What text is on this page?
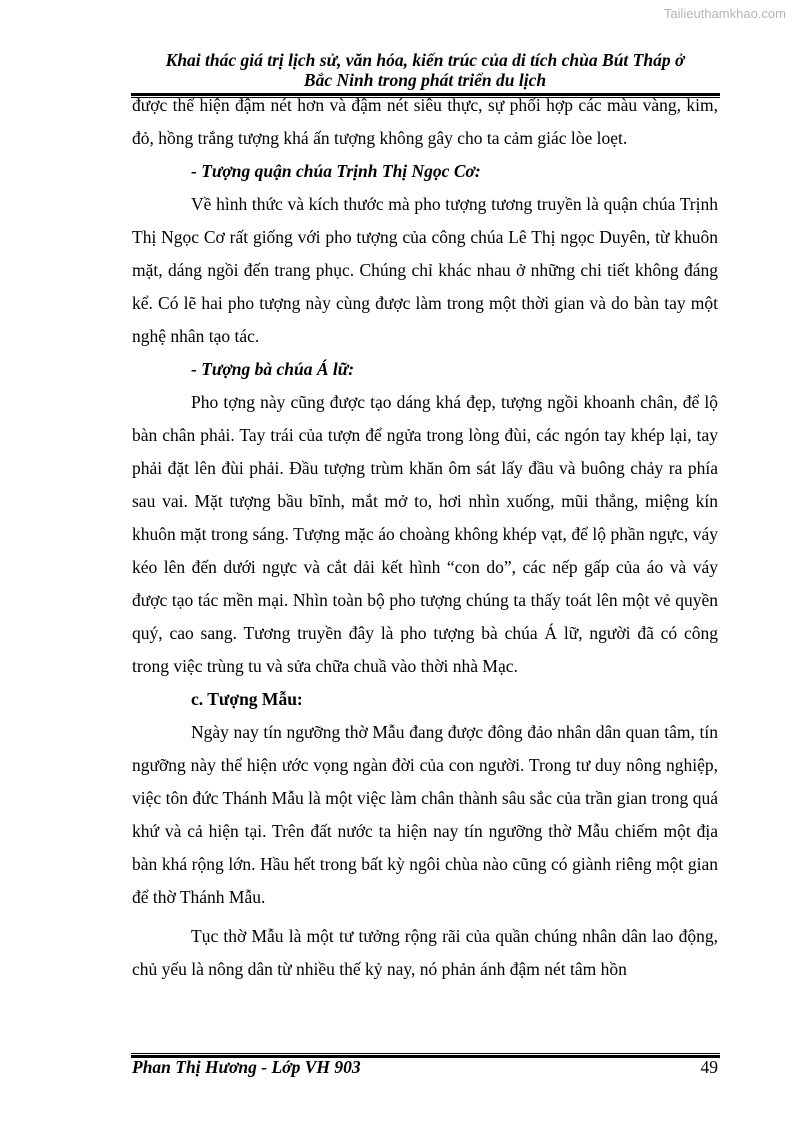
Tailieuthamkhao.com
Khai thác giá trị lịch sử, văn hóa, kiến trúc của di tích chùa Bút Tháp ở
Bắc Ninh trong phát triển du lịch

được thể hiện đậm nét hơn và đậm nét siêu thực, sự phối hợp các màu vàng, kim, đỏ, hồng trắng tượng khá ấn tượng không gây cho ta cảm giác lòe loẹt.

- Tượng quận chúa Trịnh Thị Ngọc Cơ:

Về hình thức và kích thước mà pho tượng tương truyền là quận chúa Trịnh Thị Ngọc Cơ rất giống với pho tượng của công chúa Lê Thị ngọc Duyên, từ khuôn mặt, dáng ngồi đến trang phục. Chúng chỉ khác nhau ở những chi tiết không đáng kể. Có lẽ hai pho tượng này cùng được làm trong một thời gian và do bàn tay một nghệ nhân tạo tác.

- Tượng bà chúa Á lữ:

Pho tợng này cũng được tạo dáng khá đẹp, tượng ngồi khoanh chân, để lộ bàn chân phải. Tay trái của tượn để ngửa trong lòng đùi, các ngón tay khép lại, tay phải đặt lên đùi phải. Đầu tượng trùm khăn ôm sát lấy đầu và buông chảy ra phía sau vai. Mặt tượng bầu bĩnh, mắt mở to, hơi nhìn xuống, mũi thẳng, miệng kín khuôn mặt trong sáng. Tượng mặc áo choàng không khép vạt, để lộ phần ngực, váy kéo lên đến dưới ngực và cắt dải kết hình “con do”, các nếp gấp của áo và váy được tạo tác mền mại. Nhìn toàn bộ pho tượng chúng ta thấy toát lên một vẻ quyền quý, cao sang. Tương truyền đây là pho tượng bà chúa Á lữ, người đã có công trong việc trùng tu và sửa chữa chuầ vào thời nhà Mạc.

c. Tượng Mẫu:

Ngày nay tín ngưỡng thờ Mẫu đang được đông đảo nhân dân quan tâm, tín ngưỡng này thể hiện ước vọng ngàn đời của con người. Trong tư duy nông nghiệp, việc tôn đức Thánh Mẫu là một việc làm chân thành sâu sắc của trần gian trong quá khứ và cả hiện tại. Trên đất nước ta hiện nay tín ngưỡng thờ Mẫu chiếm một địa bàn khá rộng lớn. Hầu hết trong bất kỳ ngôi chùa nào cũng có giành riêng một gian để thờ Thánh Mẫu.

Tục thờ Mẫu là một tư tưởng rộng rãi của quần chúng nhân dân lao động, chủ yếu là nông dân từ nhiều thế kỷ nay, nó phản ánh đậm nét tâm hồn

Phan Thị Hương - Lớp VH 903	49
